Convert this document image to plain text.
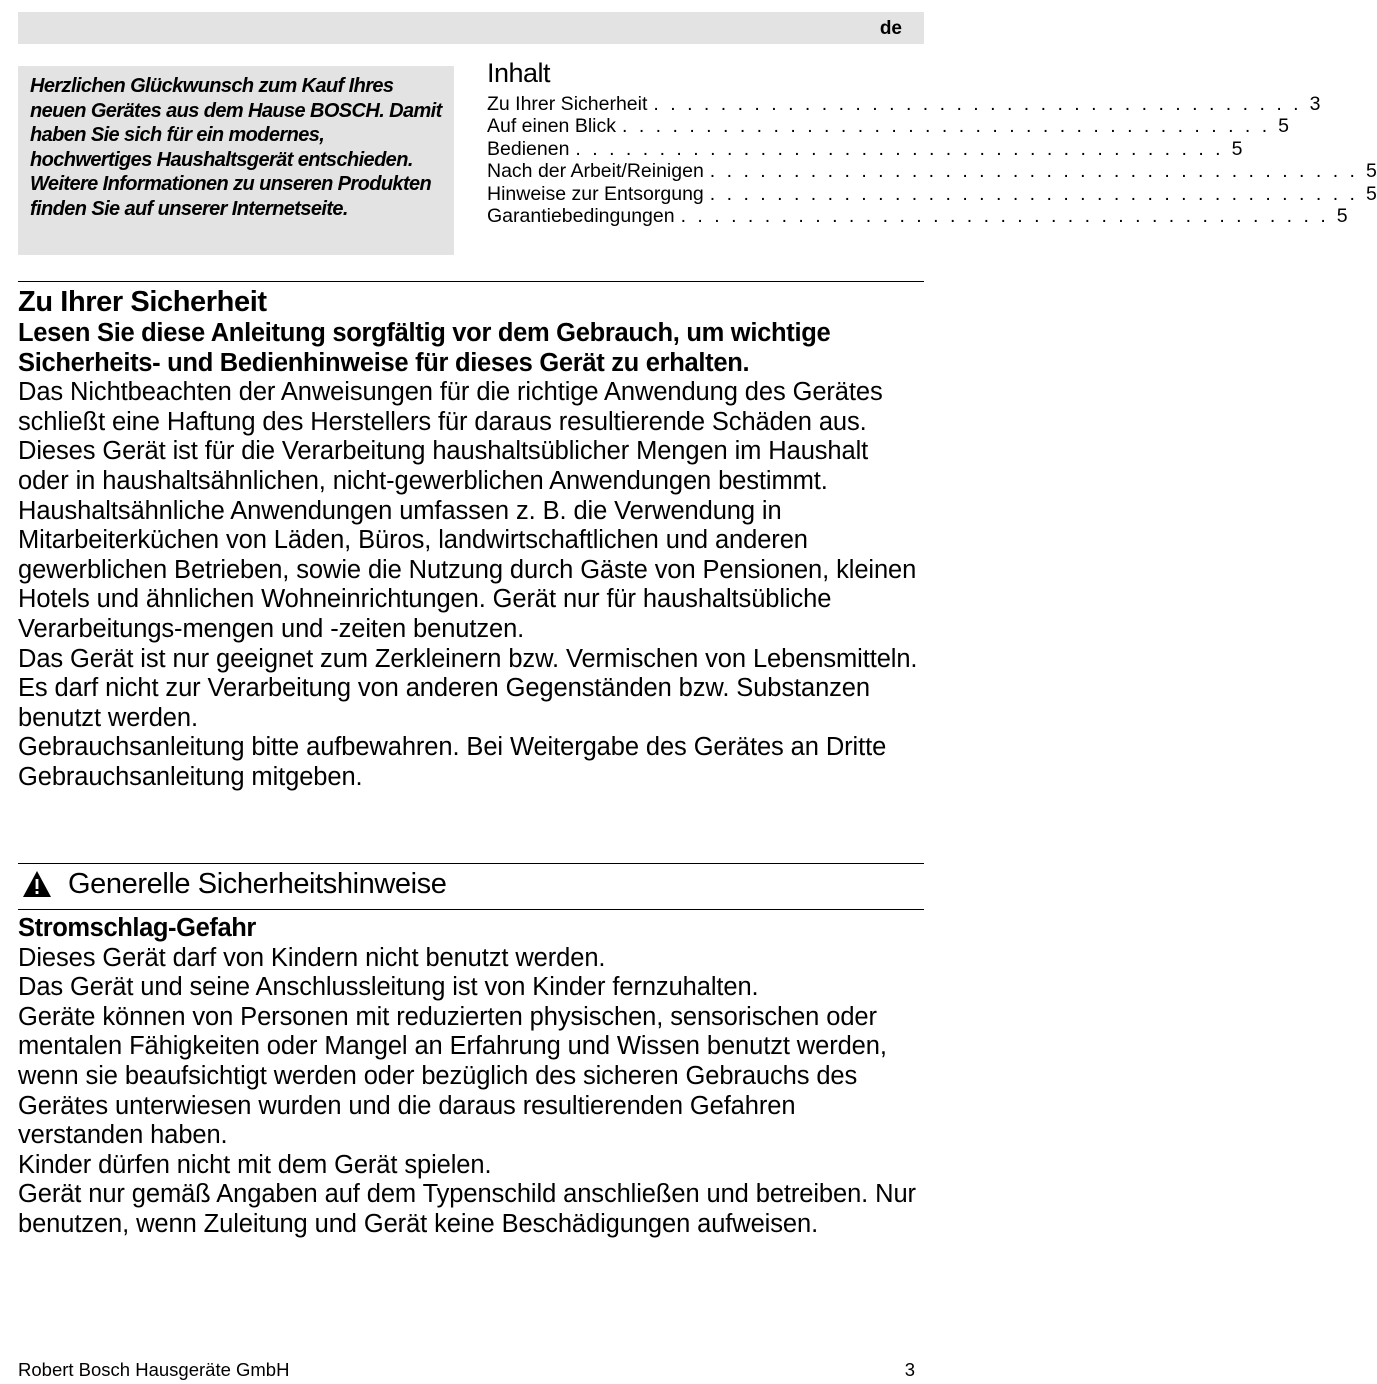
de

Herzlichen Glückwunsch zum Kauf Ihres neuen Gerätes aus dem Hause BOSCH. Damit haben Sie sich für ein modernes, hochwertiges Haushaltsgerät entschieden. Weitere Informationen zu unseren Produkten finden Sie auf unserer Internetseite.

Inhalt
Zu Ihrer Sicherheit . . . . . . . . . . . . . . . . . . . . . . . . . . . . . . . . . . . . . . . 3
Auf einen Blick . . . . . . . . . . . . . . . . . . . . . . . . . . . . . . . . . . . . . . . 5
Bedienen . . . . . . . . . . . . . . . . . . . . . . . . . . . . . . . . . . . . . . . 5
Nach der Arbeit/Reinigen . . . . . . . . . . . . . . . . . . . . . . . . . . . . . . . . . . . . . . . 5
Hinweise zur Entsorgung . . . . . . . . . . . . . . . . . . . . . . . . . . . . . . . . . . . . . . . 5
Garantiebedingungen . . . . . . . . . . . . . . . . . . . . . . . . . . . . . . . . . . . . . . . 5
Zu Ihrer Sicherheit

Lesen Sie diese Anleitung sorgfältig vor dem Gebrauch, um wichtige Sicherheits- und Bedienhinweise für dieses Gerät zu erhalten.

Das Nichtbeachten der Anweisungen für die richtige Anwendung des Gerätes schließt eine Haftung des Herstellers für daraus resultierende Schäden aus.

Dieses Gerät ist für die Verarbeitung haushaltsüblicher Mengen im Haushalt oder in haushaltsähnlichen, nicht-gewerblichen Anwendungen bestimmt. Haushaltsähnliche Anwendungen umfassen z. B. die Verwendung in Mitarbeiterküchen von Läden, Büros, landwirtschaftlichen und anderen gewerblichen Betrieben, sowie die Nutzung durch Gäste von Pensionen, kleinen Hotels und ähnlichen Wohneinrichtungen. Gerät nur für haushaltsübliche Verarbeitungs-mengen und -zeiten benutzen.

Das Gerät ist nur geeignet zum Zerkleinern bzw. Vermischen von Lebensmitteln. Es darf nicht zur Verarbeitung von anderen Gegenständen bzw. Substanzen benutzt werden.

Gebrauchsanleitung bitte aufbewahren. Bei Weitergabe des Gerätes an Dritte Gebrauchsanleitung mitgeben.

Generelle Sicherheitshinweise

Stromschlag-Gefahr

Dieses Gerät darf von Kindern nicht benutzt werden.

Das Gerät und seine Anschlussleitung ist von Kinder fernzuhalten.

Geräte können von Personen mit reduzierten physischen, sensorischen oder mentalen Fähigkeiten oder Mangel an Erfahrung und Wissen benutzt werden, wenn sie beaufsichtigt werden oder bezüglich des sicheren Gebrauchs des Gerätes unterwiesen wurden und die daraus resultierenden Gefahren verstanden haben.

Kinder dürfen nicht mit dem Gerät spielen.

Gerät nur gemäß Angaben auf dem Typenschild anschließen und betreiben. Nur benutzen, wenn Zuleitung und Gerät keine Beschädigungen aufweisen.

Robert Bosch Hausgeräte GmbH	3
